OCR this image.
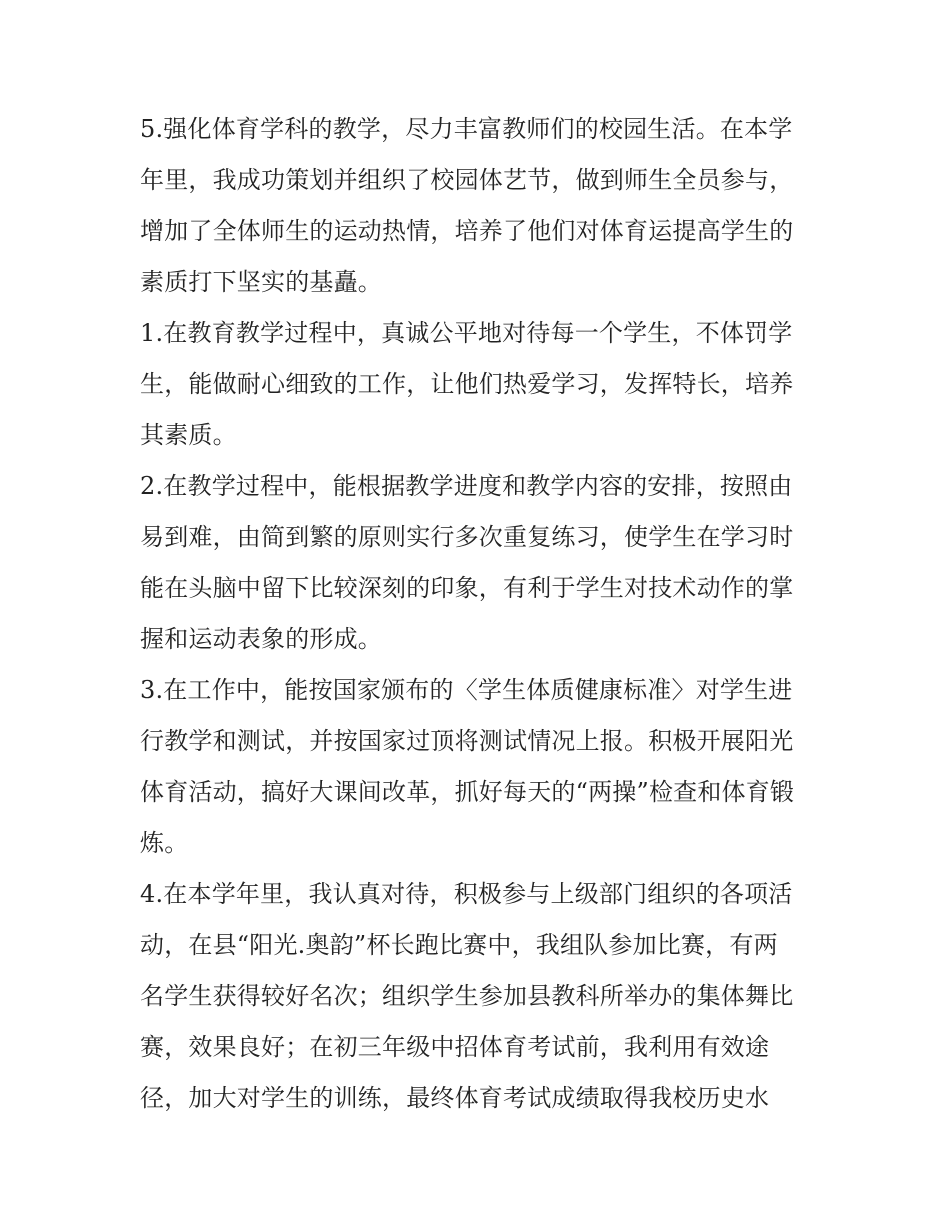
5.强化体育学科的教学，尽力丰富教师们的校园生活。在本学
年里，我成功策划并组织了校园体艺节，做到师生全员参与，
增加了全体师生的运动热情，培养了他们对体育运提高学生的
素质打下坚实的基矗。

1.在教育教学过程中，真诚公平地对待每一个学生，不体罚学
生，能做耐心细致的工作，让他们热爱学习，发挥特长，培养
其素质。

2.在教学过程中，能根据教学进度和教学内容的安排，按照由
易到难，由简到繁的原则实行多次重复练习，使学生在学习时
能在头脑中留下比较深刻的印象，有利于学生对技术动作的掌
握和运动表象的形成。

3.在工作中，能按国家颁布的〈学生体质健康标准〉对学生进
行教学和测试，并按国家过顶将测试情况上报。积极开展阳光
体育活动，搞好大课间改革，抓好每天的“两操”检查和体育锻
炼。

4.在本学年里，我认真对待，积极参与上级部门组织的各项活
动，在县“阳光.奥韵”杯长跑比赛中，我组队参加比赛，有两
名学生获得较好名次；组织学生参加县教科所举办的集体舞比
赛，效果良好；在初三年级中招体育考试前，我利用有效途
径，加大对学生的训练，最终体育考试成绩取得我校历史水
